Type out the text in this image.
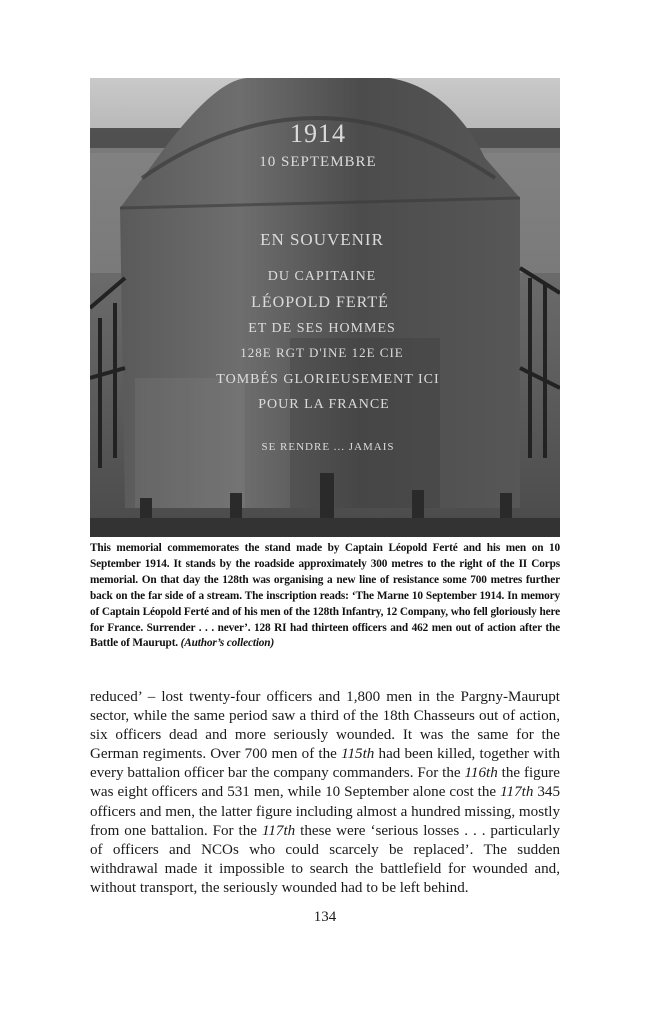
1914
10 SEPTEMBRE
EN SOUVENIR
DU CAPITAINE
LÉOPOLD FERTÉ
ET DE SES HOMMES
128E RGT D'INE 12E CIE
TOMBÉS GLORIEUSEMENT ICI
POUR LA FRANCE
SE RENDRE ... JAMAIS
This memorial commemorates the stand made by Captain Léopold Ferté and his men on 10 September 1914. It stands by the roadside approximately 300 metres to the right of the II Corps memorial. On that day the 128th was organising a new line of resistance some 700 metres further back on the far side of a stream. The inscription reads: ‘The Marne 10 September 1914. In memory of Captain Léopold Ferté and of his men of the 128th Infantry, 12 Company, who fell gloriously here for France. Surrender . . . never’. 128 RI had thirteen officers and 462 men out of action after the Battle of Maurupt. (Author’s collection)

reduced’ – lost twenty-four officers and 1,800 men in the Pargny-Maurupt sector, while the same period saw a third of the 18th Chasseurs out of action, six officers dead and more seriously wounded. It was the same for the German regiments. Over 700 men of the 115th had been killed, together with every battalion officer bar the company commanders. For the 116th the figure was eight officers and 531 men, while 10 September alone cost the 117th 345 officers and men, the latter figure including almost a hundred missing, mostly from one battalion. For the 117th these were ‘serious losses . . . particularly of officers and NCOs who could scarcely be replaced’. The sudden withdrawal made it impossible to search the battlefield for wounded and, without transport, the seriously wounded had to be left behind.

134
